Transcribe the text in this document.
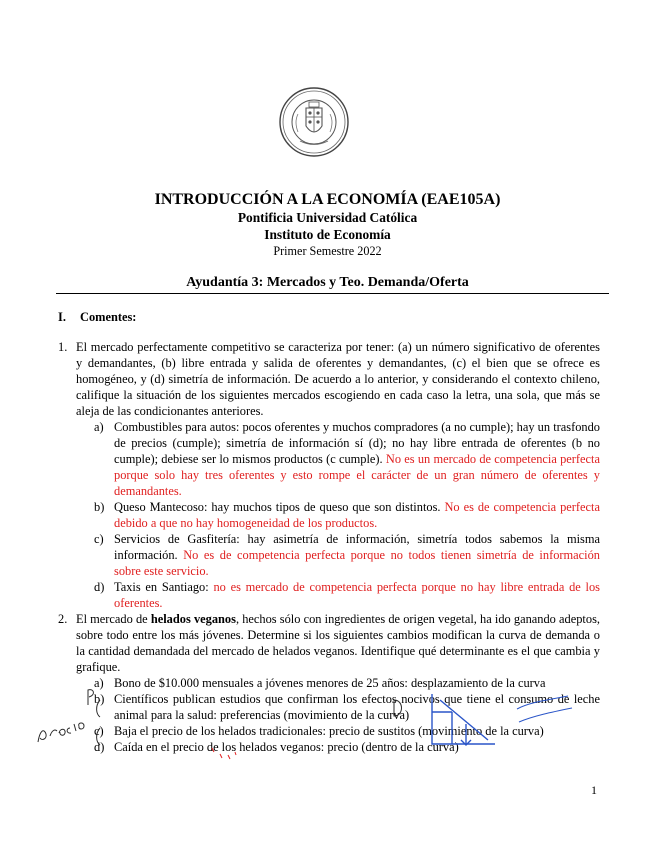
INTRODUCCIÓN A LA ECONOMÍA (EAE105A)
Pontificia Universidad Católica
Instituto de Economía
Primer Semestre 2022
Ayudantía 3: Mercados y Teo. Demanda/Oferta
I. Comentes:
1. El mercado perfectamente competitivo se caracteriza por tener: (a) un número significativo de oferentes y demandantes, (b) libre entrada y salida de oferentes y demandantes, (c) el bien que se ofrece es homogéneo, y (d) simetría de información. De acuerdo a lo anterior, y considerando el contexto chileno, califique la situación de los siguientes mercados escogiendo en cada caso la letra, una sola, que más se aleja de las condicionantes anteriores.
a) Combustibles para autos: pocos oferentes y muchos compradores (a no cumple); hay un trasfondo de precios (cumple); simetría de información sí (d); no hay libre entrada de oferentes (b no cumple); debiese ser lo mismos productos (c cumple). No es un mercado de competencia perfecta porque solo hay tres oferentes y esto rompe el carácter de un gran número de oferentes y demandantes.
b) Queso Mantecoso: hay muchos tipos de queso que son distintos. No es de competencia perfecta debido a que no hay homogeneidad de los productos.
c) Servicios de Gasfitería: hay asimetría de información, simetría todos sabemos la misma información. No es de competencia perfecta porque no todos tienen simetría de información sobre este servicio.
d) Taxis en Santiago: no es mercado de competencia perfecta porque no hay libre entrada de los oferentes.
2. El mercado de helados veganos, hechos sólo con ingredientes de origen vegetal, ha ido ganando adeptos, sobre todo entre los más jóvenes. Determine si los siguientes cambios modifican la curva de demanda o la cantidad demandada del mercado de helados veganos. Identifique qué determinante es el que cambia y grafique.
a) Bono de $10.000 mensuales a jóvenes menores de 25 años: desplazamiento de la curva
b) Científicos publican estudios que confirman los efectos nocivos que tiene el consumo de leche animal para la salud: preferencias (movimiento de la curva)
c) Baja el precio de los helados tradicionales: precio de sustitos (movimiento de la curva)
d) Caída en el precio de los helados veganos: precio (dentro de la curva)
1
